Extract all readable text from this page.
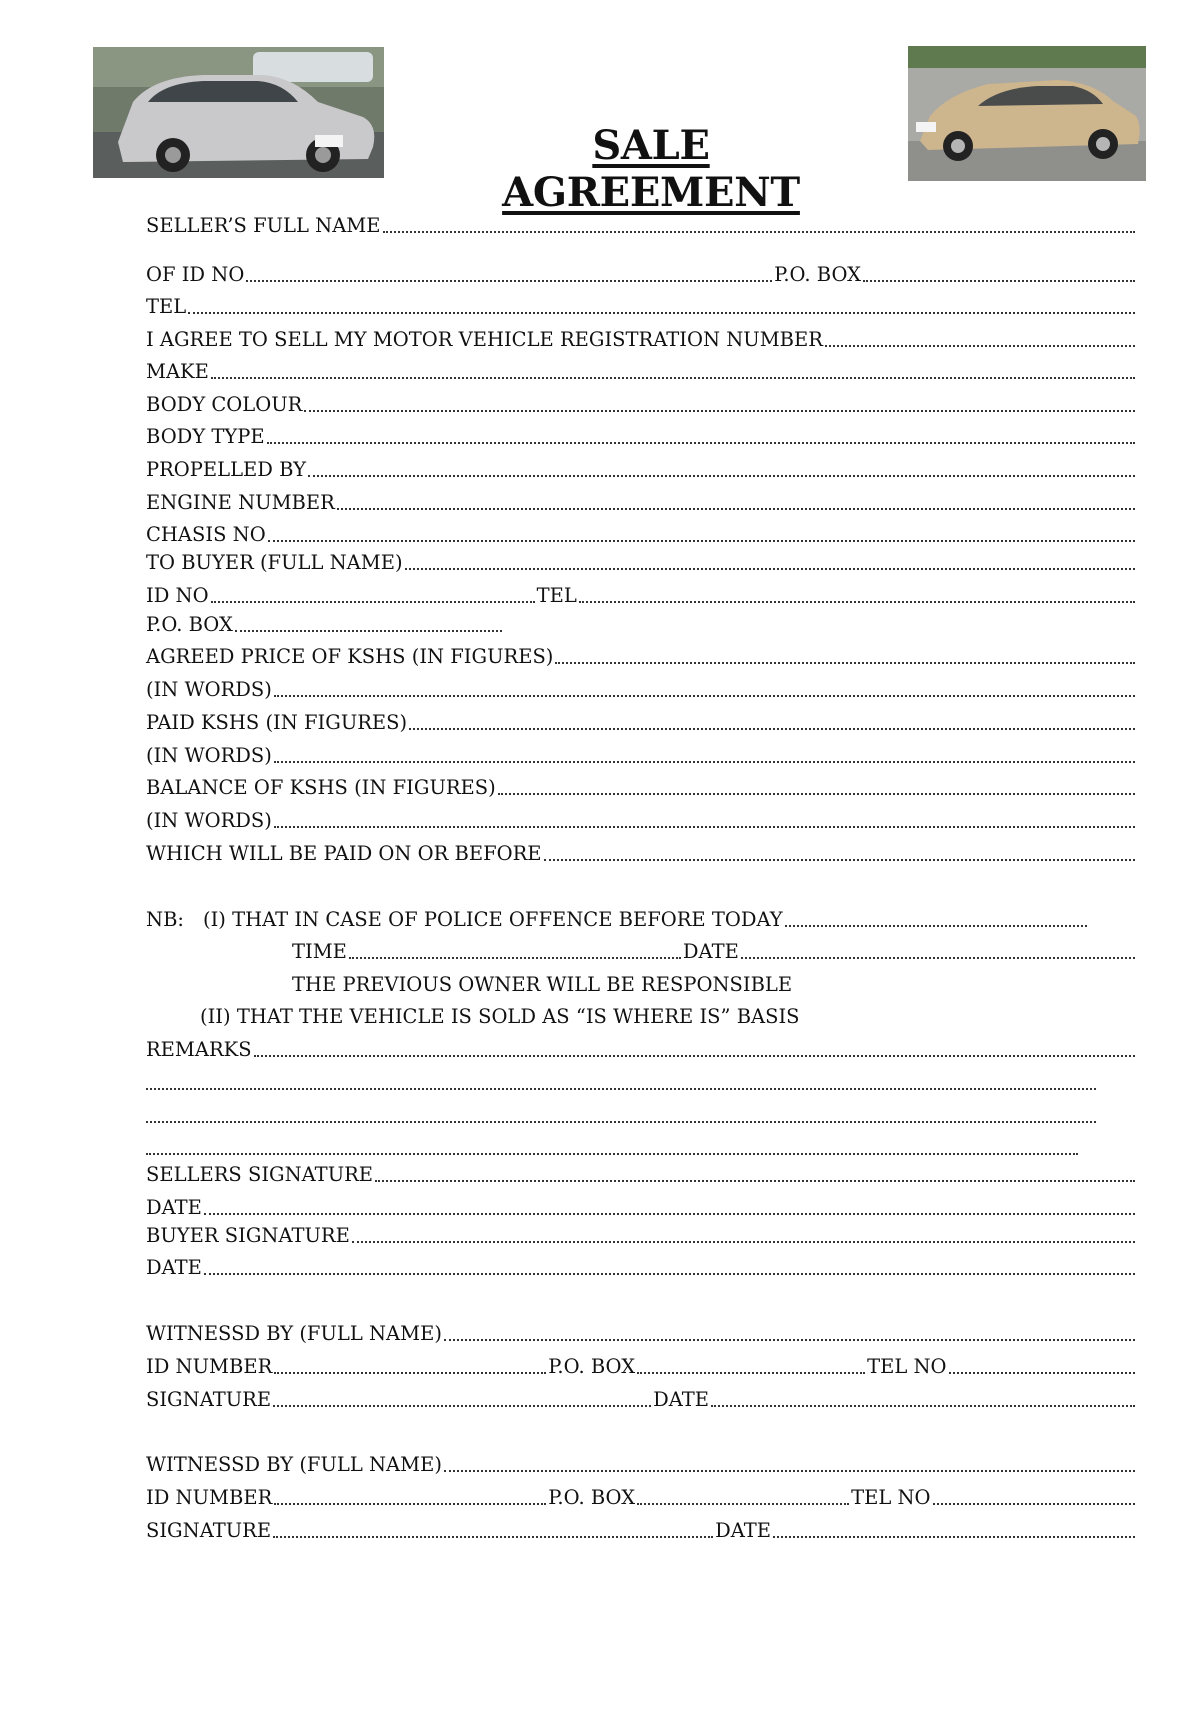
SALE AGREEMENT
SELLER’S FULL NAME
OF ID NO	P.O. BOX
TEL
I AGREE TO SELL MY MOTOR VEHICLE REGISTRATION NUMBER
MAKE
BODY COLOUR
BODY TYPE
PROPELLED BY
ENGINE NUMBER
CHASIS NO
TO BUYER (FULL NAME)
ID NO	TEL
P.O. BOX
AGREED PRICE OF KSHS (IN FIGURES)
(IN WORDS)
PAID KSHS (IN FIGURES)
(IN WORDS)
BALANCE OF KSHS (IN FIGURES)
(IN WORDS)
WHICH WILL BE PAID ON OR BEFORE
NB: (I) THAT IN CASE OF POLICE OFFENCE BEFORE TODAY
TIME	DATE
THE PREVIOUS OWNER WILL BE RESPONSIBLE
(II) THAT THE VEHICLE IS SOLD AS “IS WHERE IS” BASIS
REMARKS
SELLERS SIGNATURE
DATE
BUYER SIGNATURE
DATE
WITNESSD BY (FULL NAME)
ID NUMBER	P.O. BOX	TEL NO
SIGNATURE	DATE
WITNESSD BY (FULL NAME)
ID NUMBER	P.O. BOX	TEL NO
SIGNATURE	DATE
